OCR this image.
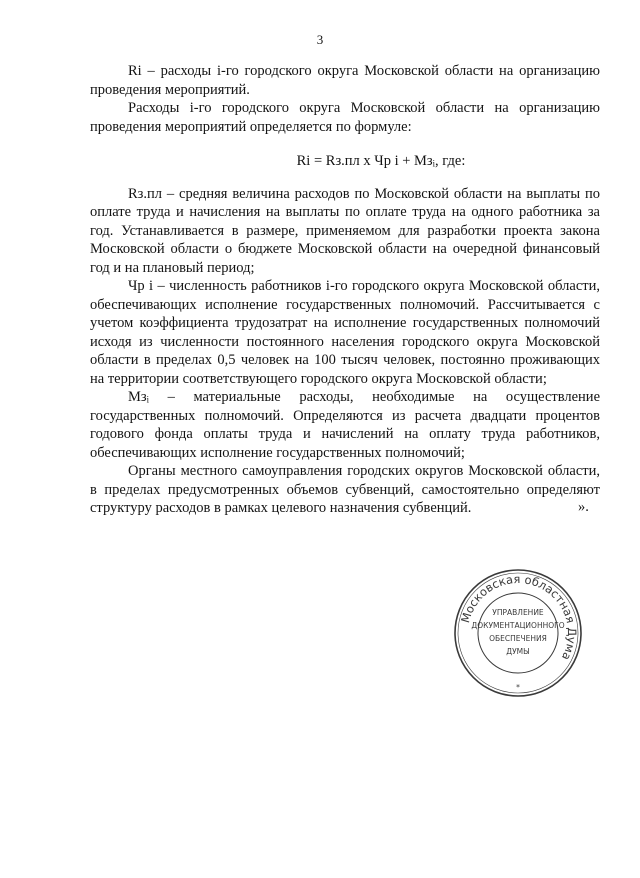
3

Ri – расходы i-го городского округа Московской области на организацию проведения мероприятий.

Расходы i-го городского округа Московской области на организацию проведения мероприятий определяется по формуле:

Ri = Rз.пл x Чр i + Мзᵢ, где:

Rз.пл – средняя величина расходов по Московской области на выплаты по оплате труда и начисления на выплаты по оплате труда на одного работника за год. Устанавливается в размере, применяемом для разработки проекта закона Московской области о бюджете Московской области на очередной финансовый год и на плановый период;

Чр i – численность работников i-го городского округа Московской области, обеспечивающих исполнение государственных полномочий. Рассчитывается с учетом коэффициента трудозатрат на исполнение государственных полномочий исходя из численности постоянного населения городского округа Московской области в пределах 0,5 человек на 100 тысяч человек, постоянно проживающих на территории соответствующего городского округа Московской области;

Мзᵢ – материальные расходы, необходимые на осуществление государственных полномочий. Определяются из расчета двадцати процентов годового фонда оплаты труда и начислений на оплату труда работников, обеспечивающих исполнение государственных полномочий;

Органы местного самоуправления городских округов Московской области, в пределах предусмотренных объемов субвенций, самостоятельно определяют структуру расходов в рамках целевого назначения субвенций.	».
Московская областная Дума
УПРАВЛЕНИЕ
ДОКУМЕНТАЦИОННОГО
ОБЕСПЕЧЕНИЯ
ДУМЫ
*
